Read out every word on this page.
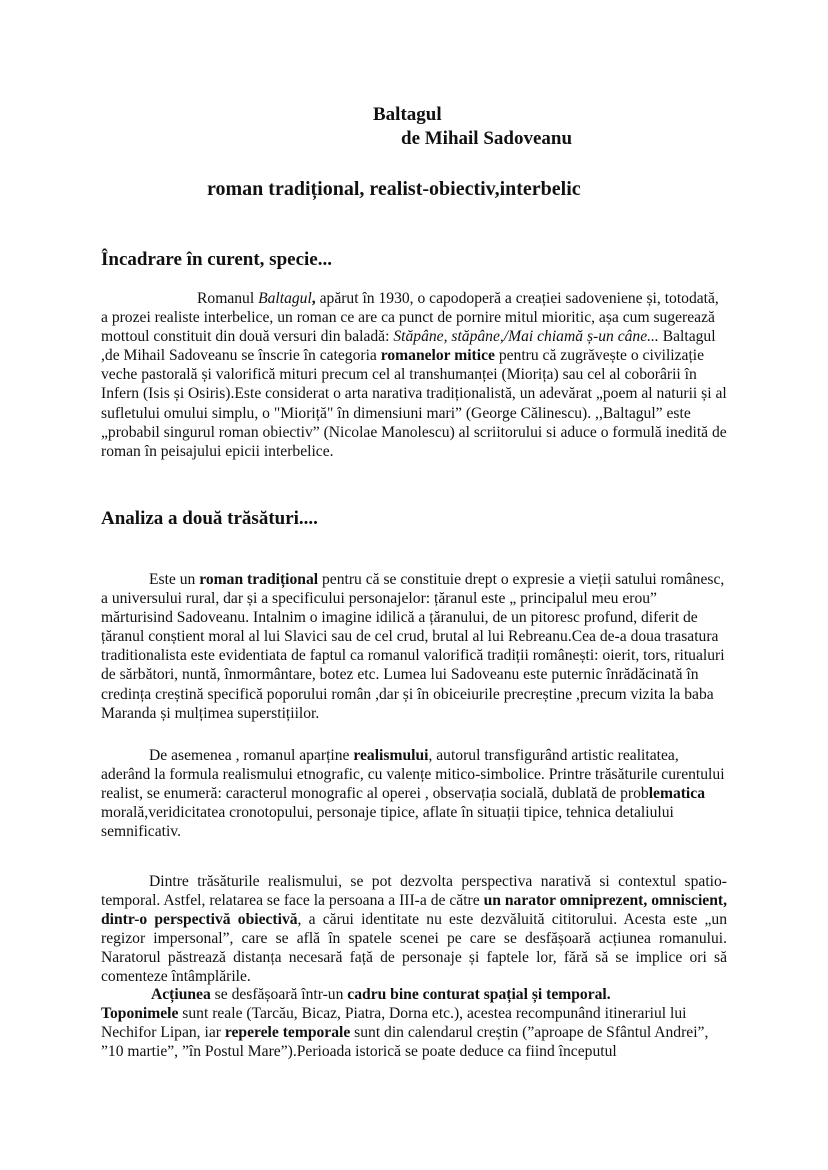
Baltagul
de Mihail Sadoveanu
roman tradițional, realist-obiectiv,interbelic
Încadrare în curent, specie...

Romanul Baltagul, apărut în 1930, o capodoperă a creației sadoveniene și, totodată, a prozei realiste interbelice, un roman ce are ca punct de pornire mitul mioritic, așa cum sugerează mottoul constituit din două versuri din baladă: Stăpâne, stăpâne,/Mai chiamă ș-un câne... Baltagul ,de Mihail Sadoveanu se înscrie în categoria romanelor mitice pentru că zugrăvește o civilizație veche pastorală și valorifică mituri precum cel al transhumanței (Miorița) sau cel al coborârii în Infern (Isis și Osiris).Este considerat o arta narativa tradiționalistă, un adevărat „poem al naturii și al sufletului omului simplu, o "Mioriță" în dimensiuni mari” (George Călinescu). ,,Baltagul” este „probabil singurul roman obiectiv” (Nicolae Manolescu) al scriitorului si aduce o formulă inedită de roman în peisajului epicii interbelice.

Analiza a două trăsături....

Este un roman tradițional pentru că se constituie drept o expresie a vieții satului românesc, a universului rural, dar și a specificului personajelor: țăranul este „ principalul meu erou” mărturisind Sadoveanu. Intalnim o imagine idilică a țăranului, de un pitoresc profund, diferit de țăranul conștient moral al lui Slavici sau de cel crud, brutal al lui Rebreanu.Cea de-a doua trasatura traditionalista este evidentiata de faptul ca romanul valorifică tradiții românești: oierit, tors, ritualuri de sărbători, nuntă, înmormântare, botez etc. Lumea lui Sadoveanu este puternic înrădăcinată în credința creștină specifică poporului român ,dar și în obiceiurile precreștine ,precum vizita la baba Maranda și mulțimea superstițiilor.

De asemenea , romanul aparține realismului, autorul transfigurând artistic realitatea, aderând la formula realismului etnografic, cu valențe mitico-simbolice. Printre trăsăturile curentului realist, se enumeră: caracterul monografic al operei , observația socială, dublată de problematica morală,veridicitatea cronotopului, personaje tipice, aflate în situații tipice, tehnica detaliului semnificativ.

Dintre trăsăturile realismului, se pot dezvolta perspectiva narativă si contextul spatio-temporal. Astfel, relatarea se face la persoana a III-a de către un narator omniprezent, omniscient, dintr-o perspectivă obiectivă, a cărui identitate nu este dezvăluită cititorului. Acesta este „un regizor impersonal”, care se află în spatele scenei pe care se desfășoară acțiunea romanului. Naratorul păstrează distanța necesară față de personaje și faptele lor, fără să se implice ori să comenteze întâmplările.

Acțiunea se desfășoară într-un cadru bine conturat spațial și temporal.
Toponimele sunt reale (Tarcău, Bicaz, Piatra, Dorna etc.), acestea recompunând itinerariul lui Nechifor Lipan, iar reperele temporale sunt din calendarul creștin (”aproape de Sfântul Andrei”, ”10 martie”, ”în Postul Mare”).Perioada istorică se poate deduce ca fiind începutul
